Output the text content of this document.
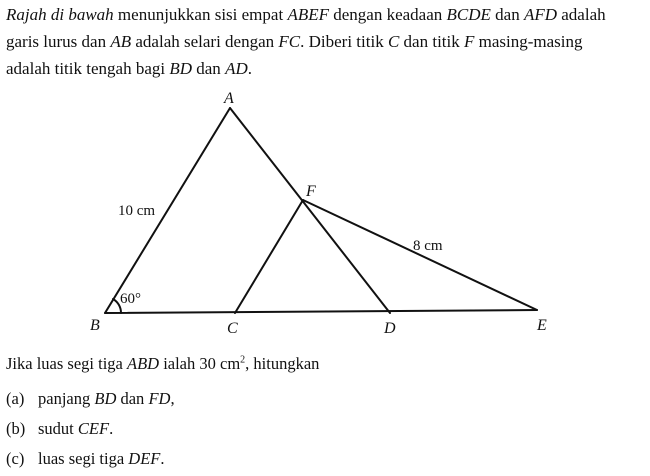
Rajah di bawah menunjukkan sisi empat ABEF dengan keadaan BCDE dan AFD adalah
garis lurus dan AB adalah selari dengan FC. Diberi titik C dan titik F masing-masing
adalah titik tengah bagi BD dan AD.
A
B	C	D	E
F
10 cm
8 cm
60°
Jika luas segi tiga ABD ialah 30 $cm^2$, hitungkan
(a) panjang BD dan FD,
(b) sudut CEF.
(c) luas segi tiga DEF.
